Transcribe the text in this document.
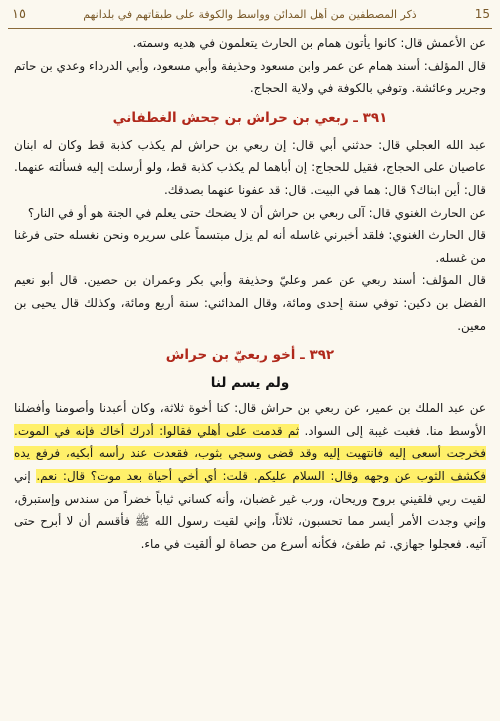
15
ذكر المصطفين من أهل المدائن وواسط والكوفة على طبقاتهم في بلدانهم
١٥

عن الأعمش قال: كانوا يأتون همام بن الحارث يتعلمون في هديه وسمته.

قال المؤلف: أسند همام عن عمر وابن مسعود وحذيفة وأبي مسعود، وأبي الدرداء وعدي بن حاتم وجرير وعائشة. وتوفي بالكوفة في ولاية الحجاج.

٣٩١ ـ ربعي بن حراش بن جحش الغطفاني

عبد الله العجلي قال: حدثني أبي قال: إن ربعي بن حراش لم يكذب كذبة قط وكان له ابنان عاصيان على الحجاج، فقيل للحجاج: إن أباهما لم يكذب كذبة قط، ولو أرسلت إليه فسألته عنهما. قال: أين ابناك؟ قال: هما في البيت. قال: قد عفونا عنهما بصدقك.

عن الحارث الغنوي قال: آلى ربعي بن حراش أن لا يضحك حتى يعلم في الجنة هو أو في النار؟

قال الحارث الغنوي: فلقد أخبرني غاسله أنه لم يزل مبتسماً على سريره ونحن نغسله حتى فرغنا من غسله.

قال المؤلف: أسند ربعي عن عمر وعليّ وحذيفة وأبي بكر وعمران بن حصين. قال أبو نعيم الفضل بن دكين: توفي سنة إحدى ومائة، وقال المدائني: سنة أربع ومائة، وكذلك قال يحيى بن معين.

٣٩٢ ـ أخو ربعيّ بن حراش
ولم يسم لنا

عن عبد الملك بن عمير، عن ربعي بن حراش قال: كنا أخوة ثلاثة، وكان أعبدنا وأصومنا وأفضلنا الأوسط منا. فغبت غيبة إلى السواد. ثم قدمت على أهلي فقالوا: أدرك أخاك فإنه في الموت. فخرجت أسعى إليه فانتهيت إليه وقد قضى وسجي بثوب، فقعدت عند رأسه أبكيه، فرفع يده فكشف الثوب عن وجهه وقال: السلام عليكم. قلت: أي أخي أحياة بعد موت؟ قال: نعم. إني لقيت ربي فلقيني بروح وريحان، ورب غير غضبان، وأنه كساني ثياباً خضراً من سندس وإستبرق، وإني وجدت الأمر أيسر مما تحسبون، ثلاثاً، وإني لقيت رسول الله ﷺ فأقسم أن لا أبرح حتى آتيه. فعجلوا جهازي. ثم طفئ، فكأنه أسرع من حصاة لو ألقيت في ماء.
